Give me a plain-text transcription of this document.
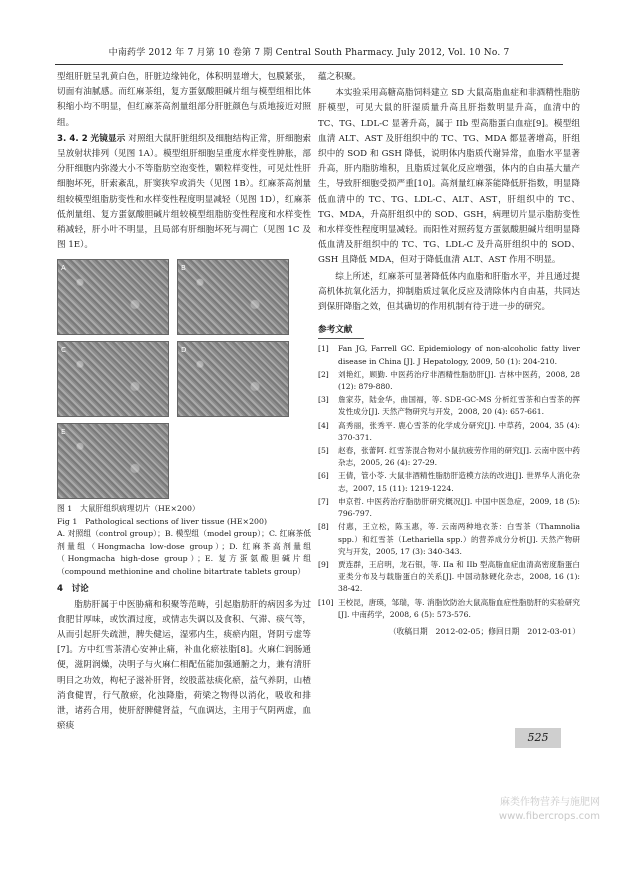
中南药学 2012 年 7 月第 10 卷第 7 期 Central South Pharmacy. July 2012, Vol. 10 No. 7

型组肝脏呈乳黄白色，肝脏边缘钝化，体积明显增大，包膜紧张，切面有油腻感。而红麻茶组，复方蛋氨酸胆碱片组与模型组相比体积缩小均不明显，但红麻茶高剂量组部分肝脏颜色与质地接近对照组。

3. 4. 2 光镜显示 对照组大鼠肝脏组织及细胞结构正常，肝细胞索呈放射状排列（见图 1A）。模型组肝细胞呈重度水样变性肿胀，部分肝细胞内弥漫大小不等脂肪空泡变性，颗粒样变性，可见灶性肝细胞坏死，肝索紊乱，肝窦狭窄或消失（见图 1B）。红麻茶高剂量组较模型组脂肪变性和水样变性程度明显减轻（见图 1D），红麻茶低剂量组、复方蛋氨酸胆碱片组较模型组脂肪变性程度和水样变性稍减轻，肝小叶不明显，且局部有肝细胞坏死与凋亡（见图 1C 及图 1E）。

A	B
C	D
E
图 1　大鼠肝组织病理切片（HE×200）
Fig 1　Pathological sections of liver tissue (HE×200)
A. 对照组（control group）；B. 模型组（model group）；C. 红麻茶低剂量组（Hongmacha low-dose group）；D. 红麻茶高剂量组（Hongmacha high-dose group）；E. 复方蛋氨酸胆碱片组（compound methionine and choline bitartrate tablets group）
4　讨论

脂肪肝属于中医胁痛和积聚等范畴，引起脂肪肝的病因多为过食肥甘厚味，或饮酒过度，或情志失调以及食积、气滞、痰气等，从而引起肝失疏泄，脾失健运，湿邪内生，痰瘀内阻，肾阴亏虚等[7]。方中红雪茶清心安神止痛，补血化瘀祛脂[8]。火麻仁润肠通便，滋阴润燥，决明子与火麻仁相配伍能加强通腑之力，兼有清肝明目之功效，枸杞子滋补肝肾，绞股蓝祛痰化瘀，益气养阴，山楂消食健胃，行气散瘀，化浊降脂，荷梁之物得以消化，吸收和排泄，诸药合用，使肝舒脾健肾益，气血调达，主用于气阴两虚，血瘀痰

蕴之积聚。

本实验采用高糖高脂饲料建立 SD 大鼠高脂血症和非酒精性脂肪肝模型，可见大鼠的肝湿质量升高且肝指数明显升高，血清中的 TC、TG、LDL-C 显著升高，属于 IIb 型高脂蛋白血症[9]。模型组血清 ALT、AST 及肝组织中的 TC、TG、MDA 都显著增高，肝组织中的 SOD 和 GSH 降低，说明体内脂质代谢异常，血脂水平显著升高，肝内脂肪堆积，且脂质过氧化反应增强，体内的自由基大量产生，导致肝细胞受损严重[10]。高剂量红麻茶能降低肝指数，明显降低血清中的 TC、TG、LDL-C、ALT、AST，肝组织中的 TC、TG、MDA，升高肝组织中的 SOD、GSH，病理切片显示脂肪变性和水样变性程度明显减轻。而阳性对照药复方蛋氨酸胆碱片组明显降低血清及肝组织中的 TC、TG、LDL-C 及升高肝组织中的 SOD、GSH 且降低 MDA，但对于降低血清 ALT、AST 作用不明显。

综上所述，红麻茶可显著降低体内血脂和肝脂水平，并且通过提高机体抗氧化活力，抑制脂质过氧化反应及清除体内自由基，共同达到保肝降脂之效，但其确切的作用机制有待于进一步的研究。

参考文献
[1]	Fan JG, Farrell GC. Epidemiology of non-alcoholic fatty liver disease in China [J]. J Hepatology, 2009, 50 (1): 204-210.
[2]	刘艳红，顾勤. 中医药治疗非酒精性脂肪肝[J]. 吉林中医药，2008, 28 (12): 879-880.
[3]	詹家芬，陆金华，曲国福，等. SDE-GC-MS 分析红雪茶和白雪茶的挥发性成分[J]. 天然产物研究与开发，2008, 20 (4): 657-661.
[4]	高秀丽，张秀平. 鹿心雪茶的化学成分研究[J]. 中草药，2004, 35 (4): 370-371.
[5]	赵春，张蕾阿. 红雪茶混合物对小鼠抗疲劳作用的研究[J]. 云南中医中药杂志，2005, 26 (4): 27-29.
[6]	王倩，管小苓. 大鼠非酒精性脂肪肝造模方法的改进[J]. 世界华人消化杂志，2007, 15 (11): 1219-1224.
[7]	申京哲. 中医药治疗脂肪肝研究概况[J]. 中国中医急症，2009, 18 (5): 796-797.
[8]	付惠，王立松，陈玉惠，等. 云南两种地衣茶：白雪茶（Thamnolia spp.）和红雪茶（Lethariella spp.）的营养成分分析[J]. 天然产物研究与开发，2005, 17 (3): 340-343.
[9]	贾连群，王启明，龙石银，等. IIa 和 IIb 型高脂血症血清高密度脂蛋白亚类分布及与载脂蛋白的关系[J]. 中国动脉硬化杂志，2008, 16 (1): 38-42.
[10] 王校昆，唐瑛，邹瑞，等. 消脂饮防治大鼠高脂血症性脂肪肝的实验研究[J]. 中南药学，2008, 6 (5): 573-576.
（收稿日期　2012-02-05；修回日期　2012-03-01）
525
麻类作物营养与施肥网
www.fibercrops.com
